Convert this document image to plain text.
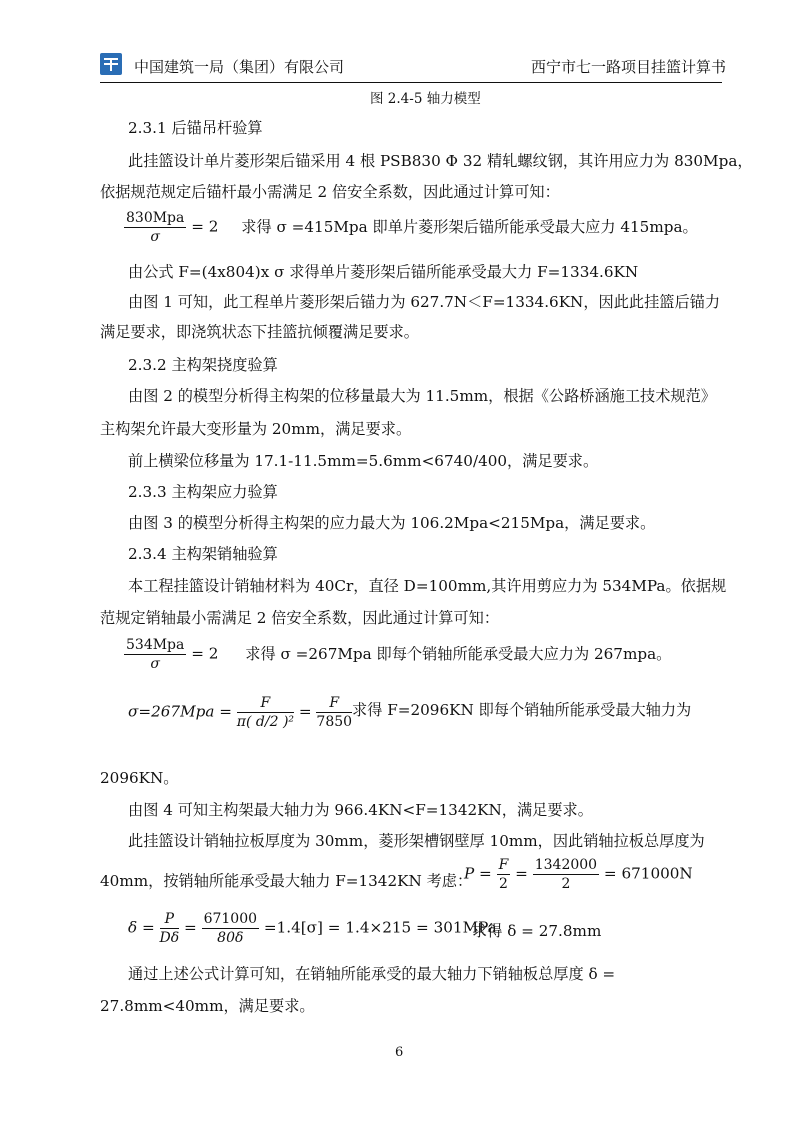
中国建筑一局（集团）有限公司	西宁市七一路项目挂篮计算书
图 2.4-5 轴力模型
2.3.1 后锚吊杆验算
此挂篮设计单片菱形架后锚采用 4 根 PSB830 Φ 32 精轧螺纹钢，其许用应力为 830Mpa，
依据规范规定后锚杆最小需满足 2 倍安全系数，因此通过计算可知：
$\frac{\text{830Mpa}}{\sigma} = 2$ 求得 σ =415Mpa 即单片菱形架后锚所能承受最大应力 415mpa。
由公式 F=(4x804)x σ 求得单片菱形架后锚所能承受最大力 F=1334.6KN
由图 1 可知，此工程单片菱形架后锚力为 627.7N＜F=1334.6KN，因此此挂篮后锚力
满足要求，即浇筑状态下挂篮抗倾覆满足要求。
2.3.2 主构架挠度验算
由图 2 的模型分析得主构架的位移量最大为 11.5mm，根据《公路桥涵施工技术规范》
主构架允许最大变形量为 20mm，满足要求。
前上横梁位移量为 17.1-11.5mm=5.6mm<6740/400，满足要求。
2.3.3 主构架应力验算
由图 3 的模型分析得主构架的应力最大为 106.2Mpa<215Mpa，满足要求。
2.3.4 主构架销轴验算
本工程挂篮设计销轴材料为 40Cr，直径 D=100mm,其许用剪应力为 534MPa。依据规
范规定销轴最小需满足 2 倍安全系数，因此通过计算可知：
$\frac{\text{534Mpa}}{\sigma} = 2$ 求得 σ =267Mpa 即每个销轴所能承受最大应力为 267mpa。
$\sigma=267Mpa = \frac{F}{\text{π( d/2 )²}} = \frac{F}{7850}$ 求得 F=2096KN 即每个销轴所能承受最大轴力为
2096KN。
由图 4 可知主构架最大轴力为 966.4KN<F=1342KN，满足要求。
此挂篮设计销轴拉板厚度为 30mm，菱形架槽钢壁厚 10mm，因此销轴拉板总厚度为
40mm，按销轴所能承受最大轴力 F=1342KN 考虑：
$P = \frac{F}{2} = \frac{1342000}{2} = 671000N$
$\delta = \frac{P}{D\delta} = \frac{671000}{80\delta} =1.4[\sigma] = 1.4\times 215 = 301MPa$
求得 δ = 27.8mm
通过上述公式计算可知，在销轴所能承受的最大轴力下销轴板总厚度 δ =
27.8mm<40mm，满足要求。
6
